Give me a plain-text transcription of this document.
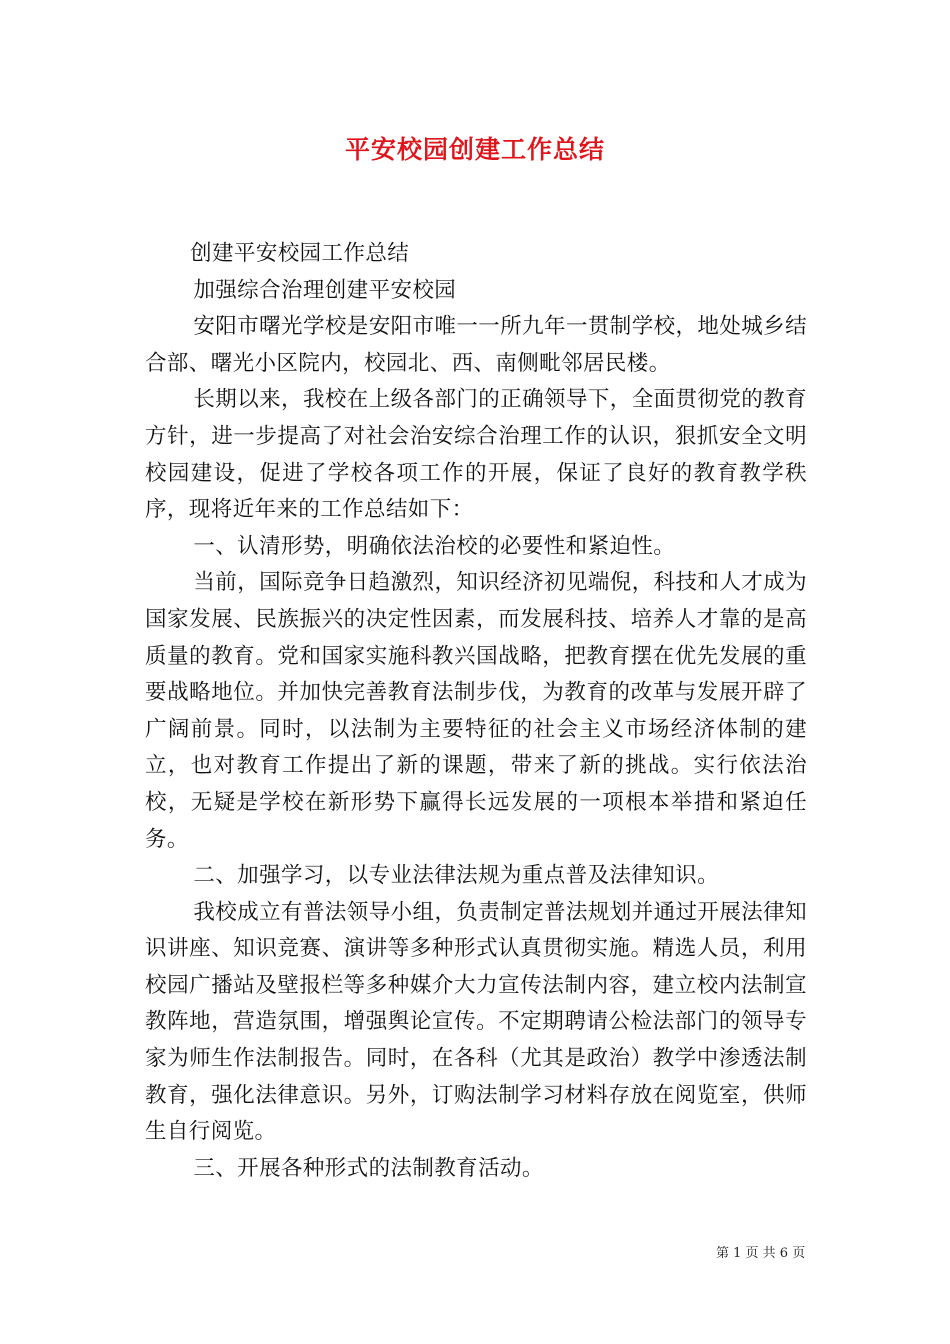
平安校园创建工作总结

创建平安校园工作总结

加强综合治理创建平安校园

安阳市曙光学校是安阳市唯一一所九年一贯制学校，地处城乡结合部、曙光小区院内，校园北、西、南侧毗邻居民楼。

长期以来，我校在上级各部门的正确领导下，全面贯彻党的教育方针，进一步提高了对社会治安综合治理工作的认识，狠抓安全文明校园建设，促进了学校各项工作的开展，保证了良好的教育教学秩序，现将近年来的工作总结如下：

一、认清形势，明确依法治校的必要性和紧迫性。

当前，国际竞争日趋激烈，知识经济初见端倪，科技和人才成为国家发展、民族振兴的决定性因素，而发展科技、培养人才靠的是高质量的教育。党和国家实施科教兴国战略，把教育摆在优先发展的重要战略地位。并加快完善教育法制步伐，为教育的改革与发展开辟了广阔前景。同时，以法制为主要特征的社会主义市场经济体制的建立，也对教育工作提出了新的课题，带来了新的挑战。实行依法治校，无疑是学校在新形势下赢得长远发展的一项根本举措和紧迫任务。

二、加强学习，以专业法律法规为重点普及法律知识。

我校成立有普法领导小组，负责制定普法规划并通过开展法律知识讲座、知识竞赛、演讲等多种形式认真贯彻实施。精选人员，利用校园广播站及壁报栏等多种媒介大力宣传法制内容，建立校内法制宣教阵地，营造氛围，增强舆论宣传。不定期聘请公检法部门的领导专家为师生作法制报告。同时，在各科（尤其是政治）教学中渗透法制教育，强化法律意识。另外，订购法制学习材料存放在阅览室，供师生自行阅览。

三、开展各种形式的法制教育活动。

第 1 页 共 6 页
